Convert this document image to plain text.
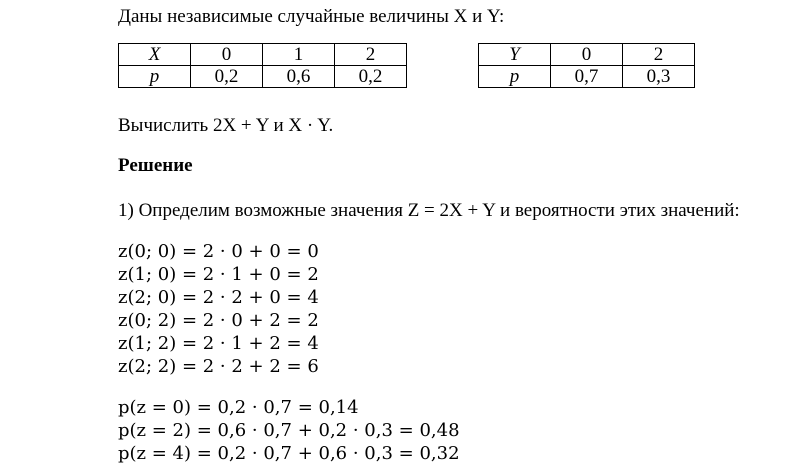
Даны независимые случайные величины X и Y:
X	0	1	2
p	0,2	0,6	0,2
Y	0	2
p	0,7	0,3
Вычислить 2X + Y и X · Y.
Решение
1) Определим возможные значения Z = 2X + Y и вероятности этих значений:
z(0; 0) = 2 · 0 + 0 = 0
z(1; 0) = 2 · 1 + 0 = 2
z(2; 0) = 2 · 2 + 0 = 4
z(0; 2) = 2 · 0 + 2 = 2
z(1; 2) = 2 · 1 + 2 = 4
z(2; 2) = 2 · 2 + 2 = 6
p(z = 0) = 0,2 · 0,7 = 0,14
p(z = 2) = 0,6 · 0,7 + 0,2 · 0,3 = 0,48
p(z = 4) = 0,2 · 0,7 + 0,6 · 0,3 = 0,32
